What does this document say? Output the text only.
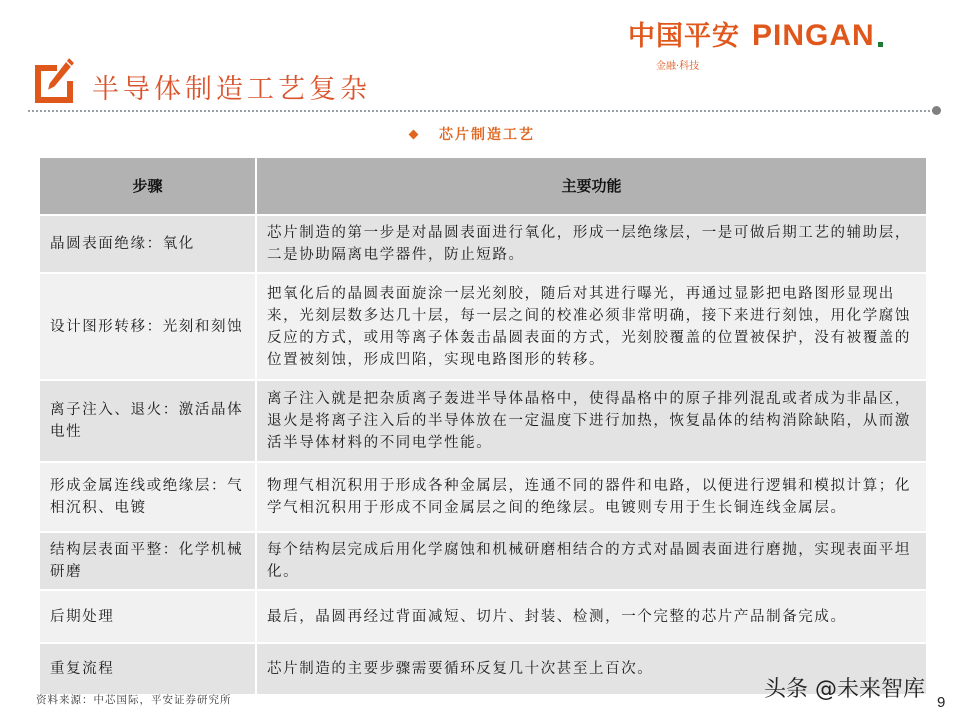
中国平安 PINGAN
金融·科技
半导体制造工艺复杂
芯片制造工艺
步骤	主要功能
晶圆表面绝缘：氧化	芯片制造的第一步是对晶圆表面进行氧化，形成一层绝缘层，一是可做后期工艺的辅助层，二是协助隔离电学器件，防止短路。
设计图形转移：光刻和刻蚀	把氧化后的晶圆表面旋涂一层光刻胶，随后对其进行曝光，再通过显影把电路图形显现出来，光刻层数多达几十层，每一层之间的校准必须非常明确，接下来进行刻蚀，用化学腐蚀反应的方式，或用等离子体轰击晶圆表面的方式，光刻胶覆盖的位置被保护，没有被覆盖的位置被刻蚀，形成凹陷，实现电路图形的转移。
离子注入、退火：激活晶体电性	离子注入就是把杂质离子轰进半导体晶格中，使得晶格中的原子排列混乱或者成为非晶区，退火是将离子注入后的半导体放在一定温度下进行加热，恢复晶体的结构消除缺陷，从而激活半导体材料的不同电学性能。
形成金属连线或绝缘层：气相沉积、电镀	物理气相沉积用于形成各种金属层，连通不同的器件和电路，以便进行逻辑和模拟计算；化学气相沉积用于形成不同金属层之间的绝缘层。电镀则专用于生长铜连线金属层。
结构层表面平整：化学机械研磨	每个结构层完成后用化学腐蚀和机械研磨相结合的方式对晶圆表面进行磨抛，实现表面平坦化。
后期处理	最后，晶圆再经过背面减短、切片、封装、检测，一个完整的芯片产品制备完成。
重复流程	芯片制造的主要步骤需要循环反复几十次甚至上百次。
资料来源：中芯国际，平安证券研究所	头条 @未来智库
9
